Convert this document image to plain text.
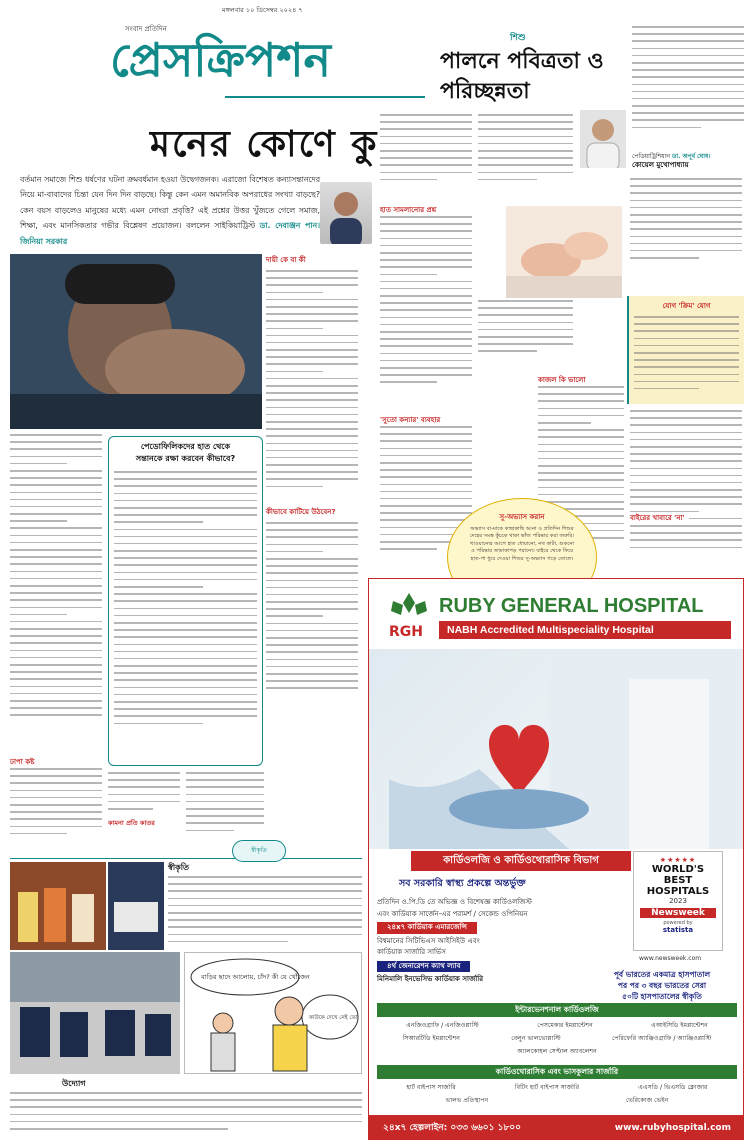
মঙ্গলবার ১০ ডিসেম্বর ২০২৪ ৭
সংবাদ প্রতিদিন
প্রেসক্রিপশন
মনের কোণে কু
বর্তমান সমাজে শিশু ধর্ষণের ঘটনা ক্রমবর্ধমান হওয়া উদ্বেগজনক। এরাজো বিশেষত কন্যাসন্তানদের নিয়ে মা-বাবাদের চিন্তা যেন দিন দিন বাড়ছে। কিন্তু কেন এমন অমানবিক অপরাধের সংখ্যা বাড়ছে? কেন বয়স বাড়লেও মানুষের মধ্যে এমন নোংরা প্রবৃত্তি? এই প্রশ্নের উত্তর খুঁজতে গেলে সমাজ, শিক্ষা, এবং মানসিকতার গভীর বিশ্লেষণ প্রয়োজন। বললেন সাইকিয়াট্রিস্ট ডা. দেবাঞ্জন পান। জিনিয়া সরকার
দায়ী কে বা কী
কীভাবে কাটিয়ে উঠবেন?
ঢাপা কষ্ট
পেডোফিলিকদের হাত থেকে
সন্তানকে রক্ষা করবেন কীভাবে?
কামনা প্রতি কাতর
শিশু
পালনে পবিত্রতা ও
পরিচ্ছন্নতা
পেডিয়াট্রিশিয়ান ডা. অপূর্ব ঘোষ।
কোয়েল মুখোপাধ্যায়
হাত সামলানোর প্রশ্ন
'সুতো কন্যার' ব্যবহার
কাজল কি ভালো
যোগ 'ক্রিম' যোগ
বাইরের খাবারে 'না'
সু-অভ্যাস করান
অভ্যাস বা-মাকে কাছাকাছি আনা ও প্রতিদিন শিশুর দেহের সমস্ত কুঁচকে থাকা ভাঁজ পরিষ্কার করা জরুরি। খাওয়ানোর আগে হাত ধোয়ানো, নখ কাটা, শুকনো ও পরিষ্কার জামাকাপড় পরানো। বাইরে থেকে ফিরে হাত-পা ধুয়ে দেওয়া শিশুর সু-অভ্যাস গড়ে তোলে।
স্বীকৃতি
স্বীকৃতি
উদ্যোগ
বাড়ির ছাদে আলোয়, চাঁদ? কী যে খোঁজেন
কাউকে দেখে নেই তো
RGH
RUBY GENERAL HOSPITAL
NABH Accredited Multispeciality Hospital
কার্ডিওলজি ও কার্ডিওথোরাসিক বিভাগ
সব সরকারি স্বাস্থ্য প্রকল্পে অন্তর্ভুক্ত
প্রতিদিন ও.পি.ডি তে অভিজ্ঞ ও বিশেষজ্ঞ কার্ডিওলজিস্ট
এবং কার্ডিয়াক সার্জেন-এর পরামর্শ / সেকেন্ড ওপিনিয়ন
২৪x৭ কার্ডিয়াক এমারজেন্সি
বিশ্বমানের সিটিভিএস আইসিইউ এবং
কার্ডিয়াক সার্জারি সার্ভিস
৪র্থ জেনারেশন ক্যাথ ল্যাব
মিনিমালি ইনভেসিভ কার্ডিয়াক সার্জারি
★★★★★
WORLD'S
BEST
HOSPITALS
2023
Newsweek
powered by
statista
www.newsweek.com
পূর্ব ভারতের একমাত্র হাসপাতাল
পর পর ৩ বছর ভারতের সেরা
৫০টি হাসপাতালের স্বীকৃতি
ইন্টারভেনশনাল কার্ডিওলজি
এনজিওগ্রাফি / এনজিওপ্লাস্টি	পেসমেকার ইমপ্লান্টেশন	এআইসিডি ইমপ্লান্টেশন
সিআরটিডি ইমপ্লান্টেশন	বেলুন ভালভোপ্লাস্টি	পেরিফেরি অ্যাঞ্জিওগ্রাফি / অ্যাঞ্জিওপ্লাস্টি
অ্যালকোহল সেপ্টাল অ্যাবলেশন
কার্ডিওথোরাসিক এবং ভাসকুলার সার্জারি
হার্ট বাইপাস সার্জারি	বিটিং হার্ট বাইপাস সার্জারি	এএসডি / ভিএসডি ক্লোজার
ভালভ প্রতিস্থাপন	ভেরিকোজ ভেইন
২৪x৭ হেল্পলাইন: ০৩৩ ৬৬০১ ১৮০০	www.rubyhospital.com
